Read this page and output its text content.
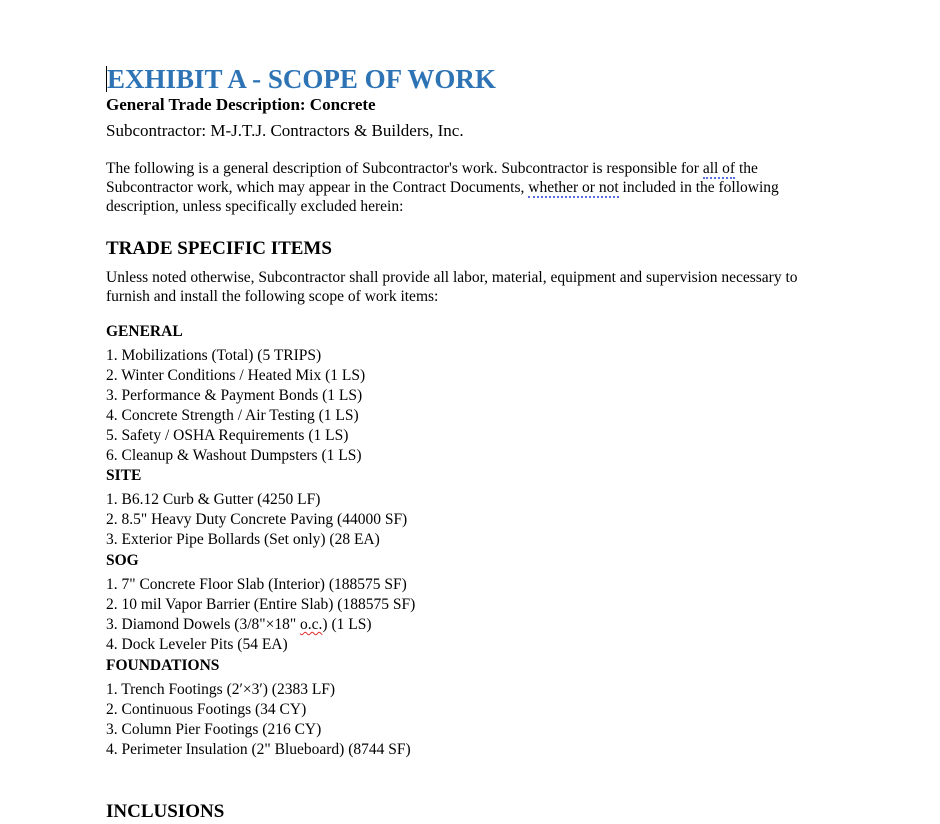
EXHIBIT A - SCOPE OF WORK
General Trade Description: Concrete

Subcontractor: M-J.T.J. Contractors & Builders, Inc.

The following is a general description of Subcontractor's work. Subcontractor is responsible for all of the Subcontractor work, which may appear in the Contract Documents, whether or not included in the following description, unless specifically excluded herein:

TRADE SPECIFIC ITEMS

Unless noted otherwise, Subcontractor shall provide all labor, material, equipment and supervision necessary to furnish and install the following scope of work items:

GENERAL
1. Mobilizations (Total) (5 TRIPS)
2. Winter Conditions / Heated Mix (1 LS)
3. Performance & Payment Bonds (1 LS)
4. Concrete Strength / Air Testing (1 LS)
5. Safety / OSHA Requirements (1 LS)
6. Cleanup & Washout Dumpsters (1 LS)
SITE
1. B6.12 Curb & Gutter (4250 LF)
2. 8.5" Heavy Duty Concrete Paving (44000 SF)
3. Exterior Pipe Bollards (Set only) (28 EA)
SOG
1. 7" Concrete Floor Slab (Interior) (188575 SF)
2. 10 mil Vapor Barrier (Entire Slab) (188575 SF)
3. Diamond Dowels (3/8"×18" o.c.) (1 LS)
4. Dock Leveler Pits (54 EA)
FOUNDATIONS
1. Trench Footings (2′×3′) (2383 LF)
2. Continuous Footings (34 CY)
3. Column Pier Footings (216 CY)
4. Perimeter Insulation (2" Blueboard) (8744 SF)
INCLUSIONS
